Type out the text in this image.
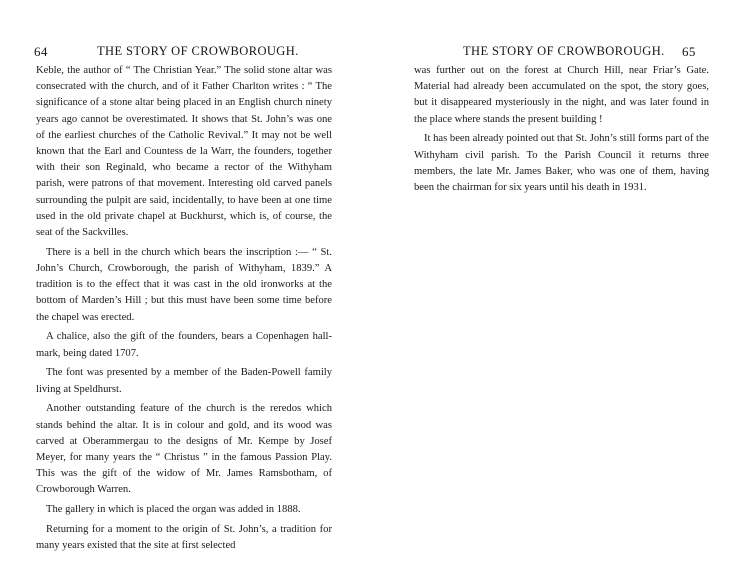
64	THE STORY OF CROWBOROUGH.

Keble, the author of “ The Christian Year.” The solid stone altar was consecrated with the church, and of it Father Charlton writes : “ The significance of a stone altar being placed in an English church ninety years ago cannot be overestimated. It shows that St. John’s was one of the earliest churches of the Catholic Revival.” It may not be well known that the Earl and Countess de la Warr, the founders, together with their son Reginald, who became a rector of the Withyham parish, were patrons of that movement. Interesting old carved panels surrounding the pulpit are said, incidentally, to have been at one time used in the old private chapel at Buckhurst, which is, of course, the seat of the Sackvilles.

There is a bell in the church which bears the inscription :— “ St. John’s Church, Crowborough, the parish of Withyham, 1839.” A tradition is to the effect that it was cast in the old ironworks at the bottom of Marden’s Hill ; but this must have been some time before the chapel was erected.

A chalice, also the gift of the founders, bears a Copenhagen hall-mark, being dated 1707.

The font was presented by a member of the Baden-Powell family living at Speldhurst.

Another outstanding feature of the church is the reredos which stands behind the altar. It is in colour and gold, and its wood was carved at Oberammergau to the designs of Mr. Kempe by Josef Meyer, for many years the “ Christus ” in the famous Passion Play. This was the gift of the widow of Mr. James Ramsbotham, of Crowborough Warren.

The gallery in which is placed the organ was added in 1888.

Returning for a moment to the origin of St. John’s, a tradition for many years existed that the site at first selected

THE STORY OF CROWBOROUGH. 65

was further out on the forest at Church Hill, near Friar’s Gate. Material had already been accumulated on the spot, the story goes, but it disappeared mysteriously in the night, and was later found in the place where stands the present building !

It has been already pointed out that St. John’s still forms part of the Withyham civil parish. To the Parish Council it returns three members, the late Mr. James Baker, who was one of them, having been the chairman for six years until his death in 1931.
